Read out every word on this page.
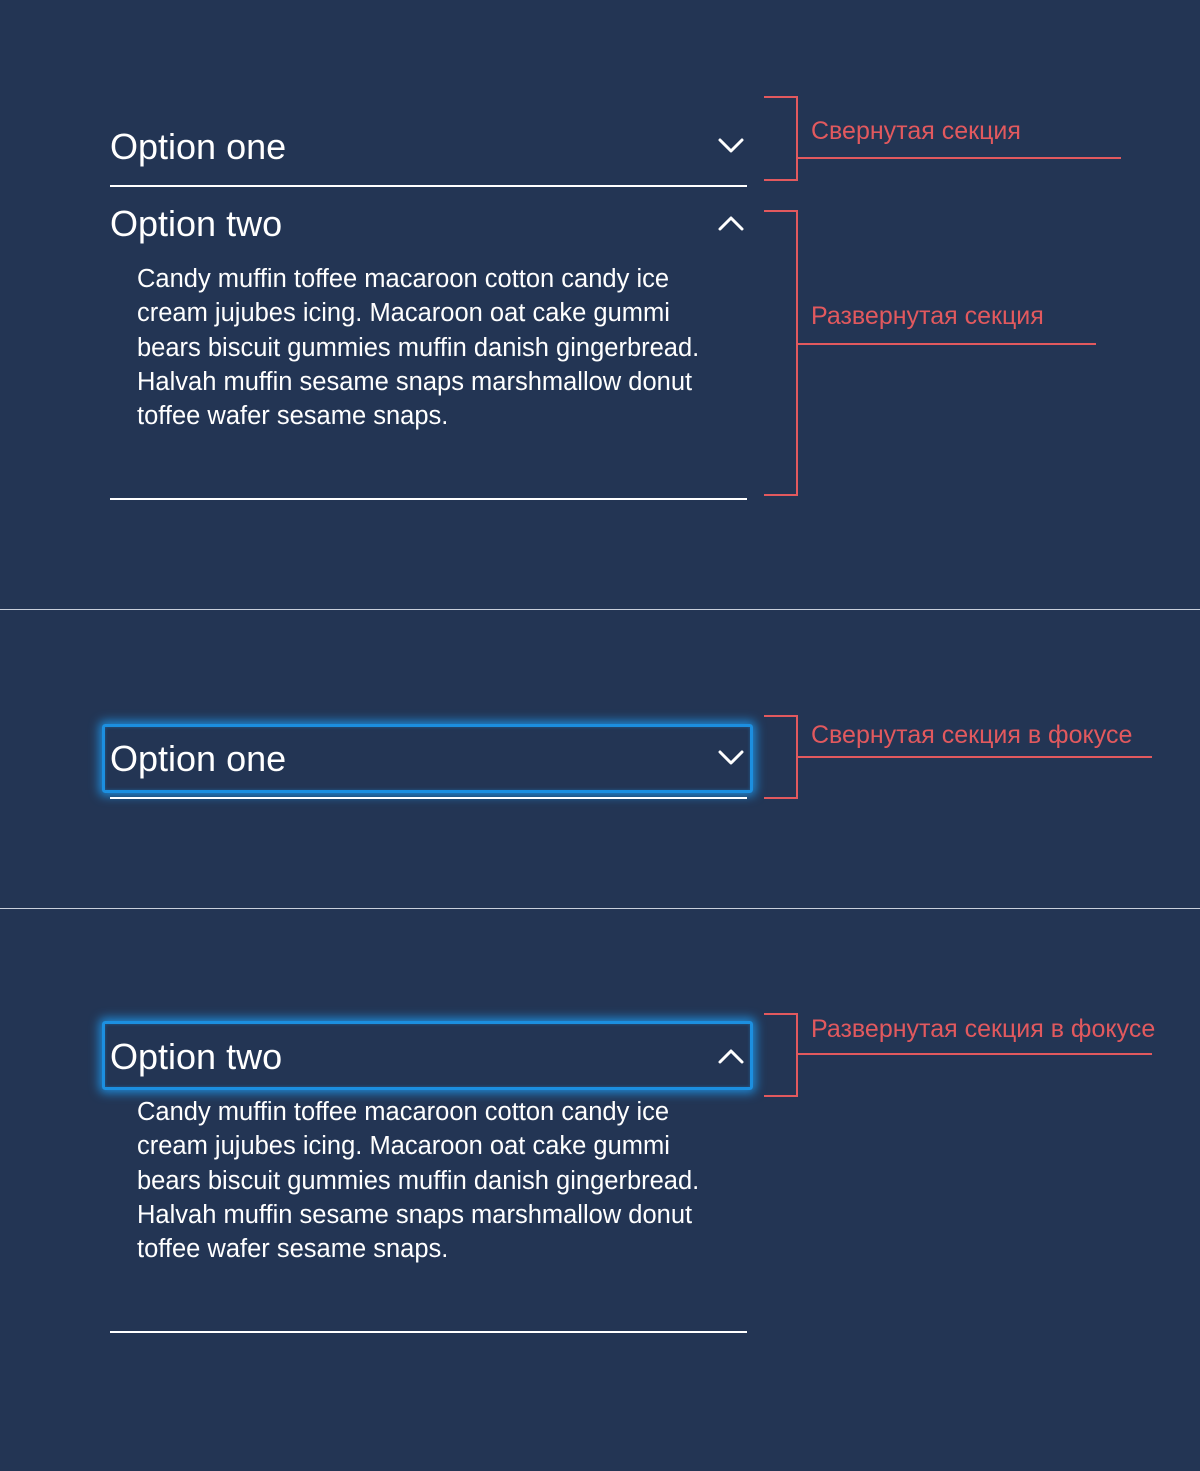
Option one
Option two
Candy muffin toffee macaroon cotton candy ice cream jujubes icing. Macaroon oat cake gummi bears biscuit gummies muffin danish gingerbread. Halvah muffin sesame snaps marshmallow donut toffee wafer sesame snaps.
Свернутая секция
Развернутая секция
Option one
Свернутая секция в фокусе
Option two
Candy muffin toffee macaroon cotton candy ice cream jujubes icing. Macaroon oat cake gummi bears biscuit gummies muffin danish gingerbread. Halvah muffin sesame snaps marshmallow donut toffee wafer sesame snaps.
Развернутая секция в фокусе
